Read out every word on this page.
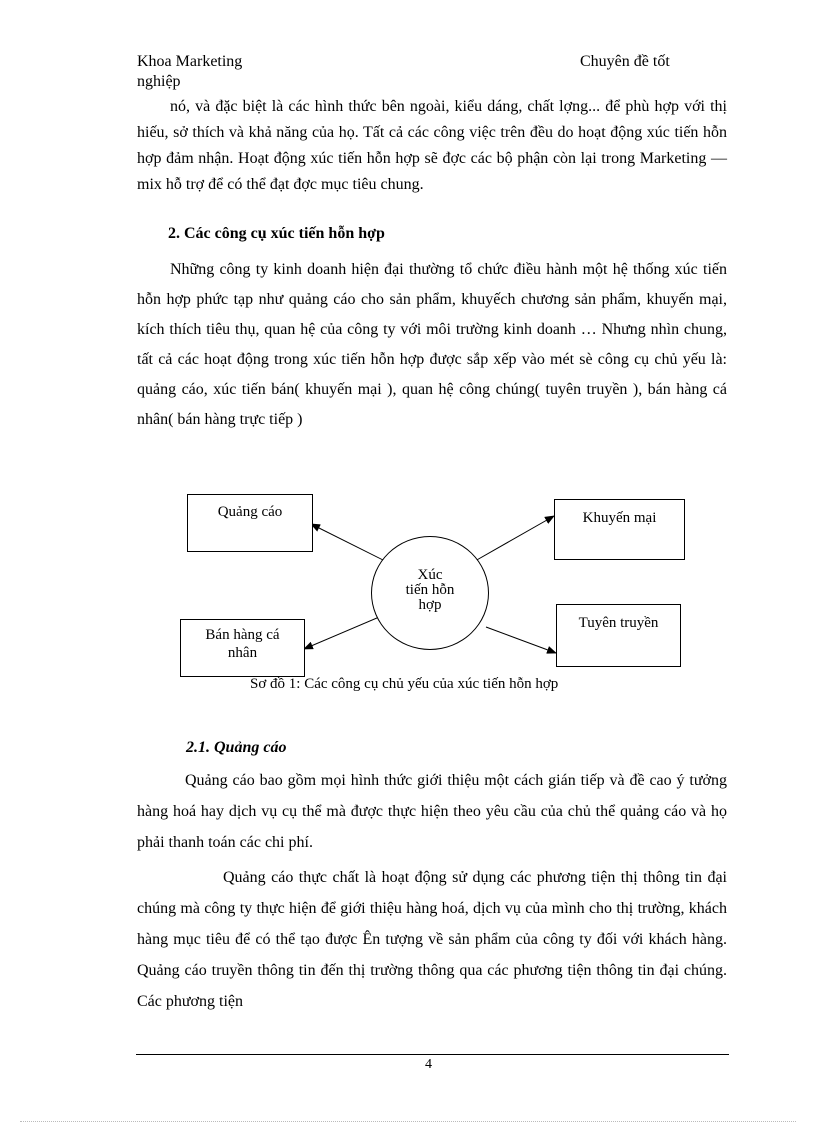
Khoa Marketing	Chuyên đề tốt
nghiệp

nó, và đặc biệt là các hình thức bên ngoài, kiểu dáng, chất lợng... để phù hợp với thị hiếu, sở thích và khả năng của họ. Tất cả các công việc trên đều do hoạt động xúc tiến hỗn hợp đảm nhận. Hoạt động xúc tiến hỗn hợp sẽ đợc các bộ phận còn lại trong Marketing — mix hỗ trợ để có thể đạt đợc mục tiêu chung.

2. Các công cụ xúc tiến hỗn hợp

Những công ty kinh doanh hiện đại thường tổ chức điều hành một hệ thống xúc tiến hỗn hợp phức tạp như quảng cáo cho sản phẩm, khuyếch chương sản phẩm, khuyến mại, kích thích tiêu thụ, quan hệ của công ty với môi trường kinh doanh … Nhưng nhìn chung, tất cả các hoạt động trong xúc tiến hỗn hợp được sắp xếp vào mét sè công cụ chủ yếu là: quảng cáo, xúc tiến bán( khuyến mại ), quan hệ công chúng( tuyên truyền ), bán hàng cá nhân( bán hàng trực tiếp )

Quảng cáo	Khuyến mại
Tuyên truyền
Bán hàng cá
nhân
Xúc
tiến hỗn
hợp
Sơ đồ 1: Các công cụ chủ yếu của xúc tiến hỗn hợp
2.1. Quảng cáo

Quảng cáo bao gồm mọi hình thức giới thiệu một cách gián tiếp và đề cao ý tưởng hàng hoá hay dịch vụ cụ thể mà được thực hiện theo yêu cầu của chủ thể quảng cáo và họ phải thanh toán các chi phí.

Quảng cáo thực chất là hoạt động sử dụng các phương tiện thị thông tin đại chúng mà công ty thực hiện để giới thiệu hàng hoá, dịch vụ của mình cho thị trường, khách hàng mục tiêu để có thể tạo được Ên tượng về sản phẩm của công ty đối với khách hàng. Quảng cáo truyền thông tin đến thị trường thông qua các phương tiện thông tin đại chúng. Các phương tiện

4
